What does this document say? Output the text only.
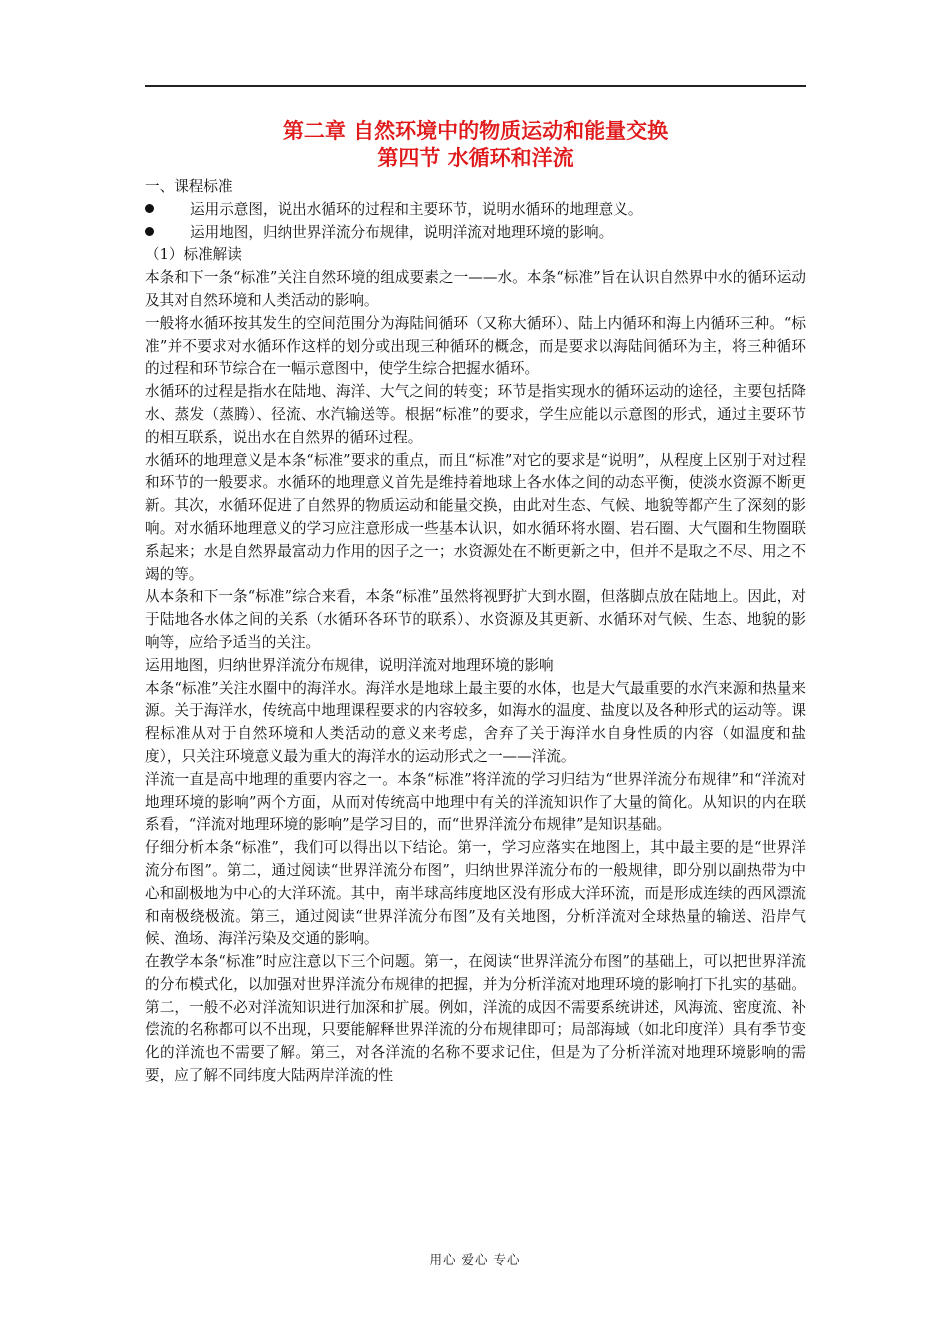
第二章 自然环境中的物质运动和能量交换
第四节 水循环和洋流

一、课程标准

运用示意图，说出水循环的过程和主要环节，说明水循环的地理意义。
运用地图，归纳世界洋流分布规律，说明洋流对地理环境的影响。

（1）标准解读

本条和下一条“标准”关注自然环境的组成要素之一——水。本条“标准”旨在认识自然界中水的循环运动及其对自然环境和人类活动的影响。

一般将水循环按其发生的空间范围分为海陆间循环（又称大循环）、陆上内循环和海上内循环三种。“标准”并不要求对水循环作这样的划分或出现三种循环的概念，而是要求以海陆间循环为主，将三种循环的过程和环节综合在一幅示意图中，使学生综合把握水循环。

水循环的过程是指水在陆地、海洋、大气之间的转变；环节是指实现水的循环运动的途径，主要包括降水、蒸发（蒸腾）、径流、水汽输送等。根据“标准”的要求，学生应能以示意图的形式，通过主要环节的相互联系，说出水在自然界的循环过程。

水循环的地理意义是本条“标准”要求的重点，而且“标准”对它的要求是“说明”，从程度上区别于对过程和环节的一般要求。水循环的地理意义首先是维持着地球上各水体之间的动态平衡，使淡水资源不断更新。其次，水循环促进了自然界的物质运动和能量交换，由此对生态、气候、地貌等都产生了深刻的影响。对水循环地理意义的学习应注意形成一些基本认识，如水循环将水圈、岩石圈、大气圈和生物圈联系起来；水是自然界最富动力作用的因子之一；水资源处在不断更新之中，但并不是取之不尽、用之不竭的等。

从本条和下一条“标准”综合来看，本条“标准”虽然将视野扩大到水圈，但落脚点放在陆地上。因此，对于陆地各水体之间的关系（水循环各环节的联系）、水资源及其更新、水循环对气候、生态、地貌的影响等，应给予适当的关注。

运用地图，归纳世界洋流分布规律，说明洋流对地理环境的影响

本条“标准”关注水圈中的海洋水。海洋水是地球上最主要的水体，也是大气最重要的水汽来源和热量来源。关于海洋水，传统高中地理课程要求的内容较多，如海水的温度、盐度以及各种形式的运动等。课程标准从对于自然环境和人类活动的意义来考虑，舍弃了关于海洋水自身性质的内容（如温度和盐度），只关注环境意义最为重大的海洋水的运动形式之一——洋流。

洋流一直是高中地理的重要内容之一。本条“标准”将洋流的学习归结为“世界洋流分布规律”和“洋流对地理环境的影响”两个方面，从而对传统高中地理中有关的洋流知识作了大量的简化。从知识的内在联系看，“洋流对地理环境的影响”是学习目的，而“世界洋流分布规律”是知识基础。

仔细分析本条“标准”，我们可以得出以下结论。第一，学习应落实在地图上，其中最主要的是“世界洋流分布图”。第二，通过阅读“世界洋流分布图”，归纳世界洋流分布的一般规律，即分别以副热带为中心和副极地为中心的大洋环流。其中，南半球高纬度地区没有形成大洋环流，而是形成连续的西风漂流和南极绕极流。第三，通过阅读“世界洋流分布图”及有关地图，分析洋流对全球热量的输送、沿岸气候、渔场、海洋污染及交通的影响。

在教学本条“标准”时应注意以下三个问题。第一，在阅读“世界洋流分布图”的基础上，可以把世界洋流的分布模式化，以加强对世界洋流分布规律的把握，并为分析洋流对地理环境的影响打下扎实的基础。第二，一般不必对洋流知识进行加深和扩展。例如，洋流的成因不需要系统讲述，风海流、密度流、补偿流的名称都可以不出现，只要能解释世界洋流的分布规律即可；局部海域（如北印度洋）具有季节变化的洋流也不需要了解。第三，对各洋流的名称不要求记住，但是为了分析洋流对地理环境影响的需要，应了解不同纬度大陆两岸洋流的性

用心 爱心 专心
